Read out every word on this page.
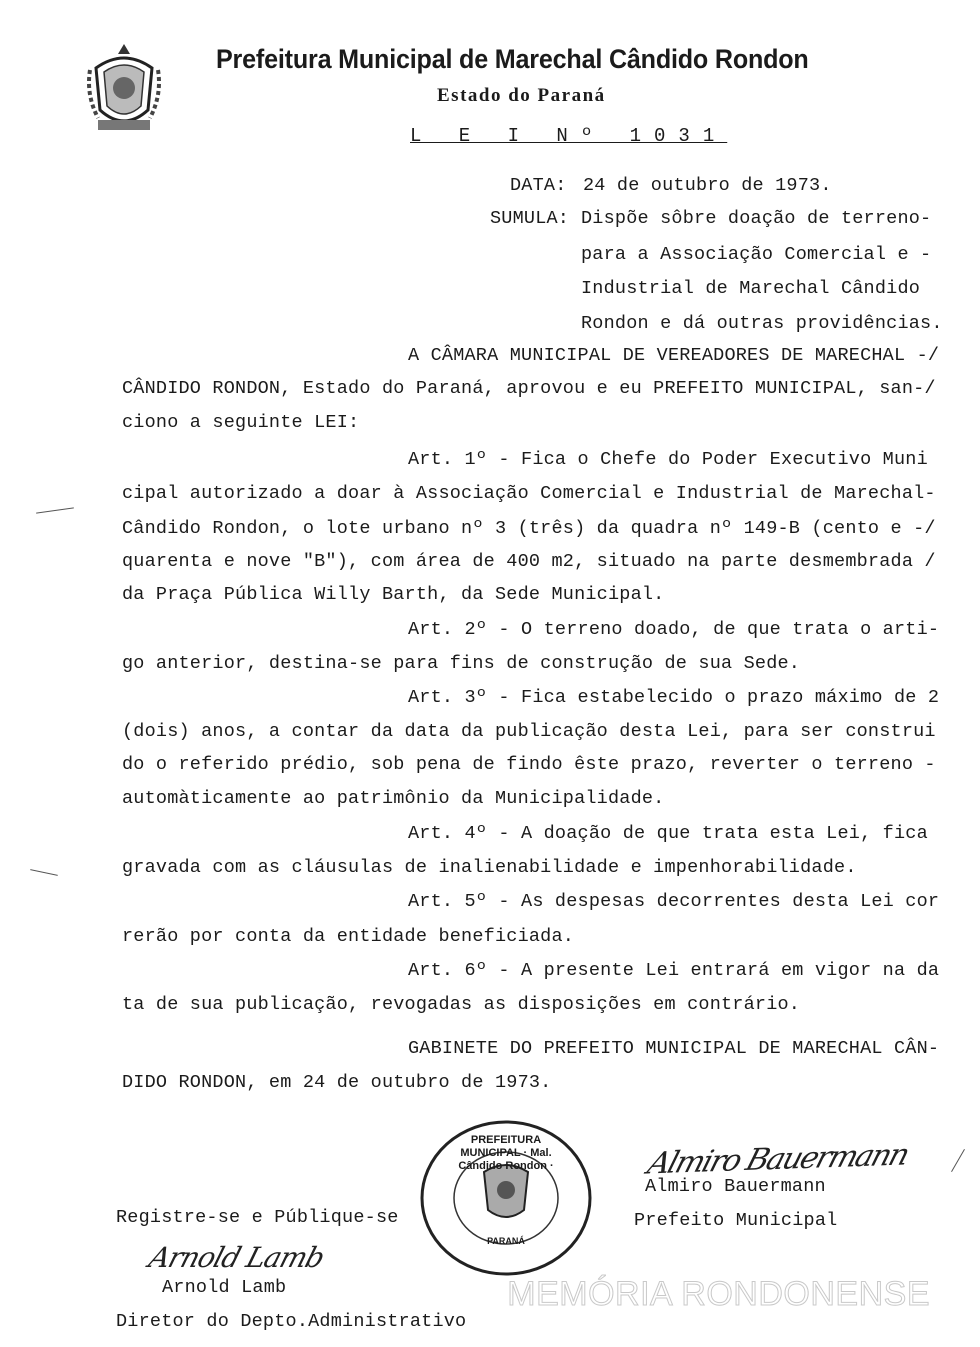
Prefeitura Municipal de Marechal Cândido Rondon
Estado do Paraná
L E I Nº 1031
DATA: 24 de outubro de 1973.
SUMULA: Dispõe sôbre doação de terreno-
para a Associação Comercial e -
Industrial de Marechal Cândido
Rondon e dá outras providências.
A CÂMARA MUNICIPAL DE VEREADORES DE MARECHAL -/
CÂNDIDO RONDON, Estado do Paraná, aprovou e eu PREFEITO MUNICIPAL, san-/
ciono a seguinte LEI:
Art. 1º - Fica o Chefe do Poder Executivo Muni
cipal autorizado a doar à Associação Comercial e Industrial de Marechal-
Cândido Rondon, o lote urbano nº 3 (três) da quadra nº 149-B (cento e -/
quarenta e nove "B"), com área de 400 m2, situado na parte desmembrada /
da Praça Pública Willy Barth, da Sede Municipal.
Art. 2º - O terreno doado, de que trata o arti-
go anterior, destina-se para fins de construção de sua Sede.
Art. 3º - Fica estabelecido o prazo máximo de 2
(dois) anos, a contar da data da publicação desta Lei, para ser construi
do o referido prédio, sob pena de findo êste prazo, reverter o terreno -
automàticamente ao patrimônio da Municipalidade.
Art. 4º - A doação de que trata esta Lei, fica
gravada com as cláusulas de inalienabilidade e impenhorabilidade.
Art. 5º - As despesas decorrentes desta Lei cor
rerão por conta da entidade beneficiada.
Art. 6º - A presente Lei entrará em vigor na da
ta de sua publicação, revogadas as disposições em contrário.
GABINETE DO PREFEITO MUNICIPAL DE MARECHAL CÂN-
DIDO RONDON, em 24 de outubro de 1973.
PREFEITURA MUNICIPAL · Mal. Cândido Rondon ·
PARANÁ
Almiro Bauermann
Almiro Bauermann
Prefeito Municipal
Registre-se e Públique-se
Arnold Lamb
Arnold Lamb
Diretor do Depto.Administrativo
MEMÓRIA RONDONENSE
